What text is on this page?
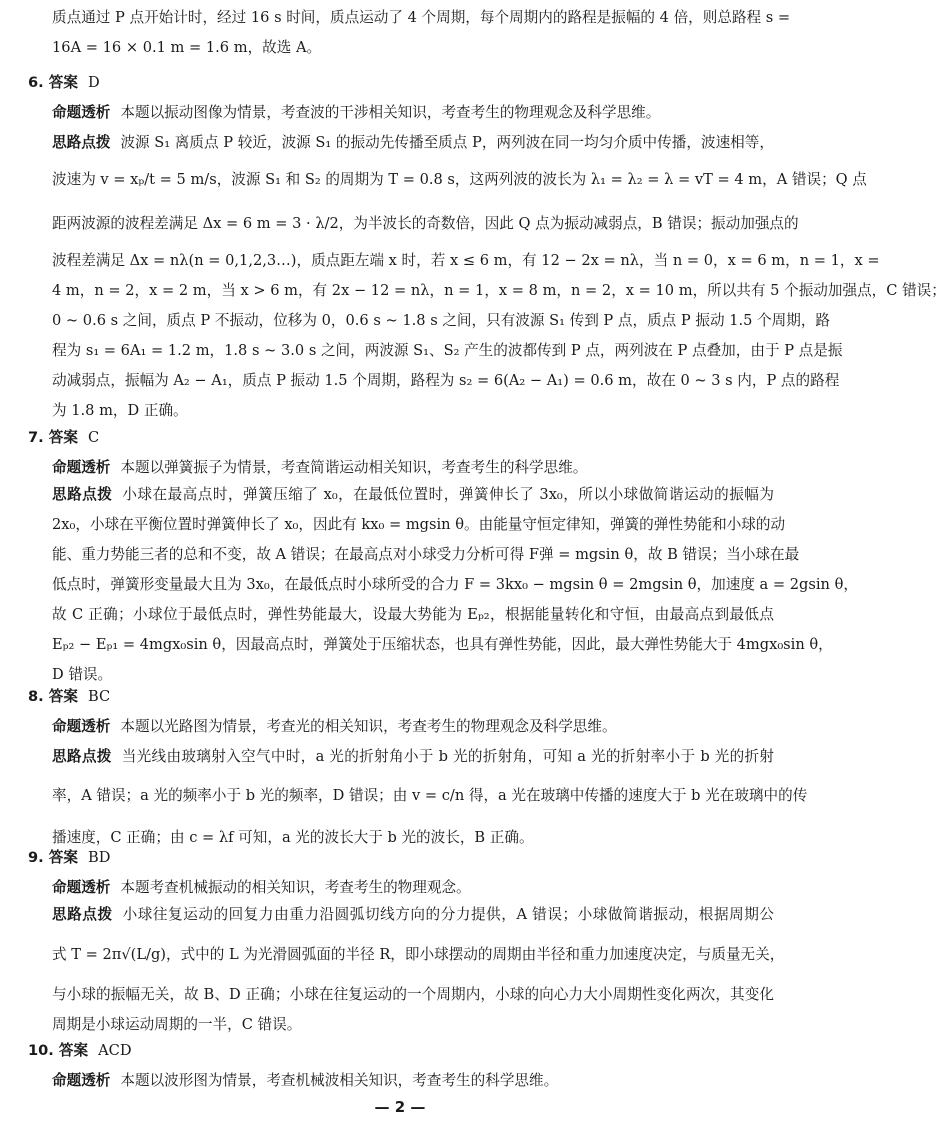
质点通过 P 点开始计时，经过 16 s 时间，质点运动了 4 个周期，每个周期内的路程是振幅的 4 倍，则总路程 s =
16A = 16 × 0.1 m = 1.6 m，故选 A。

6. 答案 D

命题透析 本题以振动图像为情景，考查波的干涉相关知识，考查考生的物理观念及科学思维。

思路点拨 波源 S₁ 离质点 P 较近，波源 S₁ 的振动先传播至质点 P，两列波在同一均匀介质中传播，波速相等，
波速为 v = xₚ/t = 5 m/s，波源 S₁ 和 S₂ 的周期为 T = 0.8 s，这两列波的波长为 λ₁ = λ₂ = λ = vT = 4 m，A 错误；Q 点
距两波源的波程差满足 Δx = 6 m = 3 · λ/2，为半波长的奇数倍，因此 Q 点为振动减弱点，B 错误；振动加强点的
波程差满足 Δx = nλ(n = 0,1,2,3…)，质点距左端 x 时，若 x ≤ 6 m，有 12 − 2x = nλ，当 n = 0，x = 6 m，n = 1，x =
4 m，n = 2，x = 2 m，当 x > 6 m，有 2x − 12 = nλ，n = 1，x = 8 m，n = 2，x = 10 m，所以共有 5 个振动加强点，C 错误；
0 ~ 0.6 s 之间，质点 P 不振动，位移为 0，0.6 s ~ 1.8 s 之间，只有波源 S₁ 传到 P 点，质点 P 振动 1.5 个周期，路
程为 s₁ = 6A₁ = 1.2 m，1.8 s ~ 3.0 s 之间，两波源 S₁、S₂ 产生的波都传到 P 点，两列波在 P 点叠加，由于 P 点是振
动减弱点，振幅为 A₂ − A₁，质点 P 振动 1.5 个周期，路程为 s₂ = 6(A₂ − A₁) = 0.6 m，故在 0 ~ 3 s 内，P 点的路程
为 1.8 m，D 正确。

7. 答案 C

命题透析 本题以弹簧振子为情景，考查简谐运动相关知识，考查考生的科学思维。

思路点拨 小球在最高点时，弹簧压缩了 x₀，在最低位置时，弹簧伸长了 3x₀，所以小球做简谐运动的振幅为
2x₀，小球在平衡位置时弹簧伸长了 x₀，因此有 kx₀ = mgsin θ。由能量守恒定律知，弹簧的弹性势能和小球的动
能、重力势能三者的总和不变，故 A 错误；在最高点对小球受力分析可得 F弹 = mgsin θ，故 B 错误；当小球在最
低点时，弹簧形变量最大且为 3x₀，在最低点时小球所受的合力 F = 3kx₀ − mgsin θ = 2mgsin θ，加速度 a = 2gsin θ，
故 C 正确；小球位于最低点时，弹性势能最大，设最大势能为 Eₚ₂，根据能量转化和守恒，由最高点到最低点
Eₚ₂ − Eₚ₁ = 4mgx₀sin θ，因最高点时，弹簧处于压缩状态，也具有弹性势能，因此，最大弹性势能大于 4mgx₀sin θ，
D 错误。

8. 答案 BC

命题透析 本题以光路图为情景，考查光的相关知识，考查考生的物理观念及科学思维。

思路点拨 当光线由玻璃射入空气中时，a 光的折射角小于 b 光的折射角，可知 a 光的折射率小于 b 光的折射
率，A 错误；a 光的频率小于 b 光的频率，D 错误；由 v = c/n 得，a 光在玻璃中传播的速度大于 b 光在玻璃中的传
播速度，C 正确；由 c = λf 可知，a 光的波长大于 b 光的波长，B 正确。

9. 答案 BD

命题透析 本题考查机械振动的相关知识，考查考生的物理观念。

思路点拨 小球往复运动的回复力由重力沿圆弧切线方向的分力提供，A 错误；小球做简谐振动，根据周期公
式 T = 2π√(L/g)，式中的 L 为光滑圆弧面的半径 R，即小球摆动的周期由半径和重力加速度决定，与质量无关，
与小球的振幅无关，故 B、D 正确；小球在往复运动的一个周期内，小球的向心力大小周期性变化两次，其变化
周期是小球运动周期的一半，C 错误。

10. 答案 ACD

命题透析 本题以波形图为情景，考查机械波相关知识，考查考生的科学思维。

— 2 —
